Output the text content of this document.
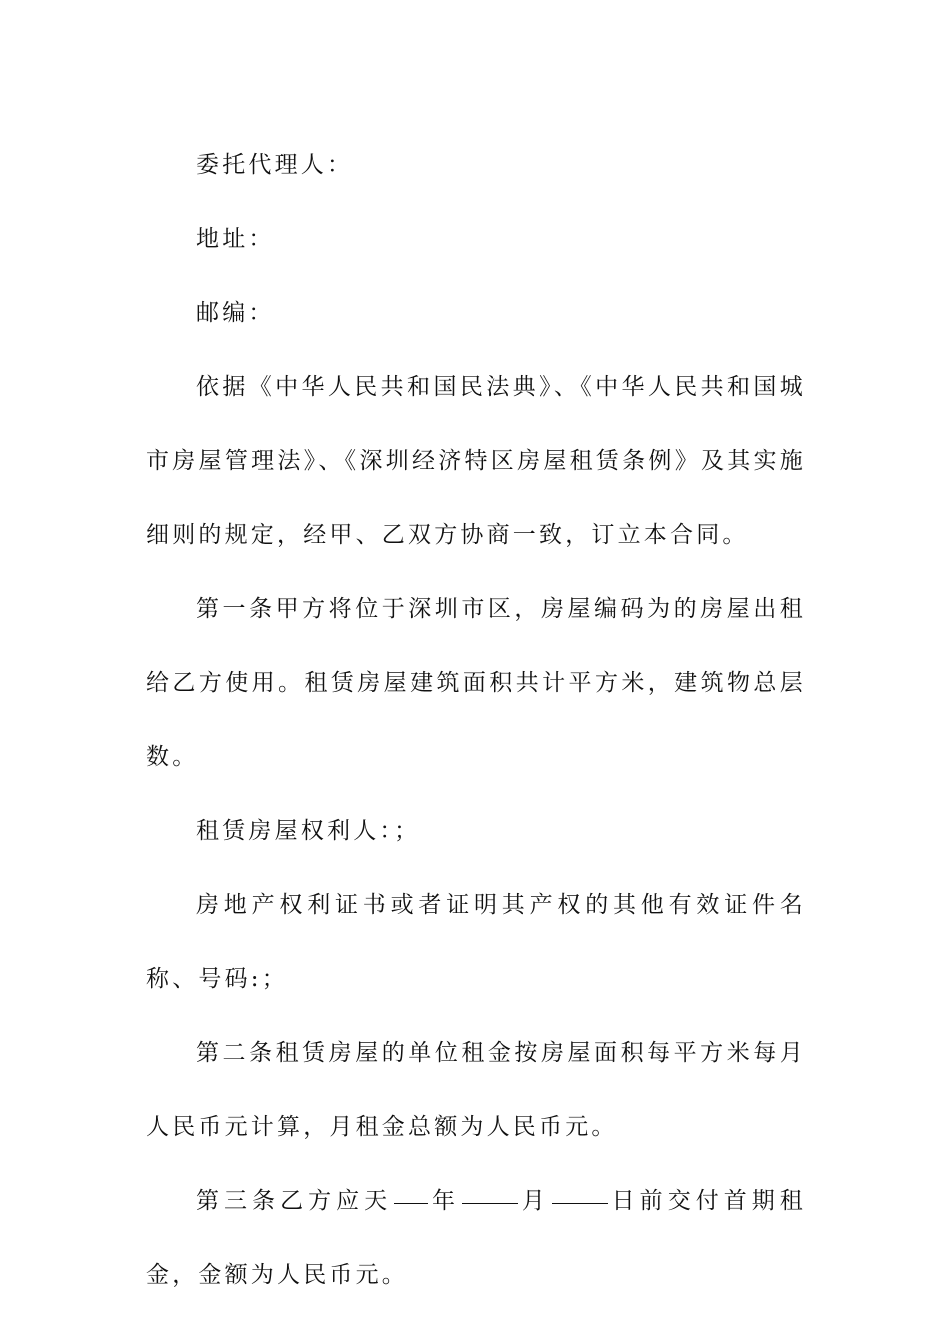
委托代理人：

地址：

邮编：

依据《中华人民共和国民法典》、《中华人民共和国城市房屋管理法》、《深圳经济特区房屋租赁条例》及其实施细则的规定，经甲、乙双方协商一致，订立本合同。

第一条甲方将位于深圳市区，房屋编码为的房屋出租给乙方使用。租赁房屋建筑面积共计平方米，建筑物总层数。

租赁房屋权利人：；

房地产权利证书或者证明其产权的其他有效证件名称、号码:；

第二条租赁房屋的单位租金按房屋面积每平方米每月人民币元计算，月租金总额为人民币元。

第三条乙方应天 年	月	日前交付首期租金，金额为人民币元。
